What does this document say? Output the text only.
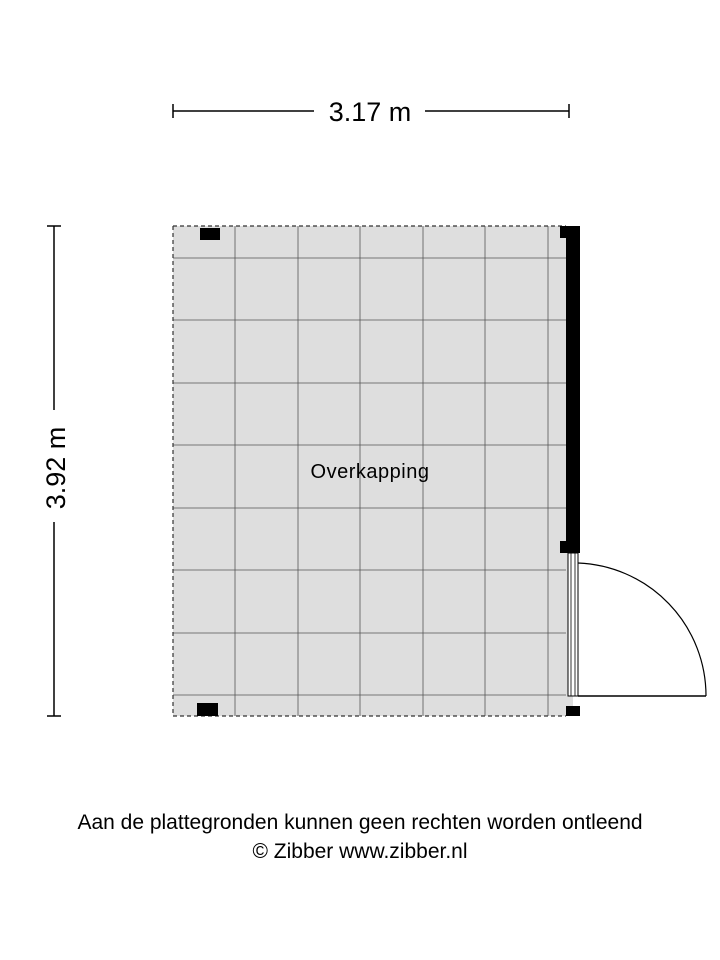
3.17 m
3.92 m	Overkapping

Aan de plattegronden kunnen geen rechten worden ontleend

© Zibber www.zibber.nl
